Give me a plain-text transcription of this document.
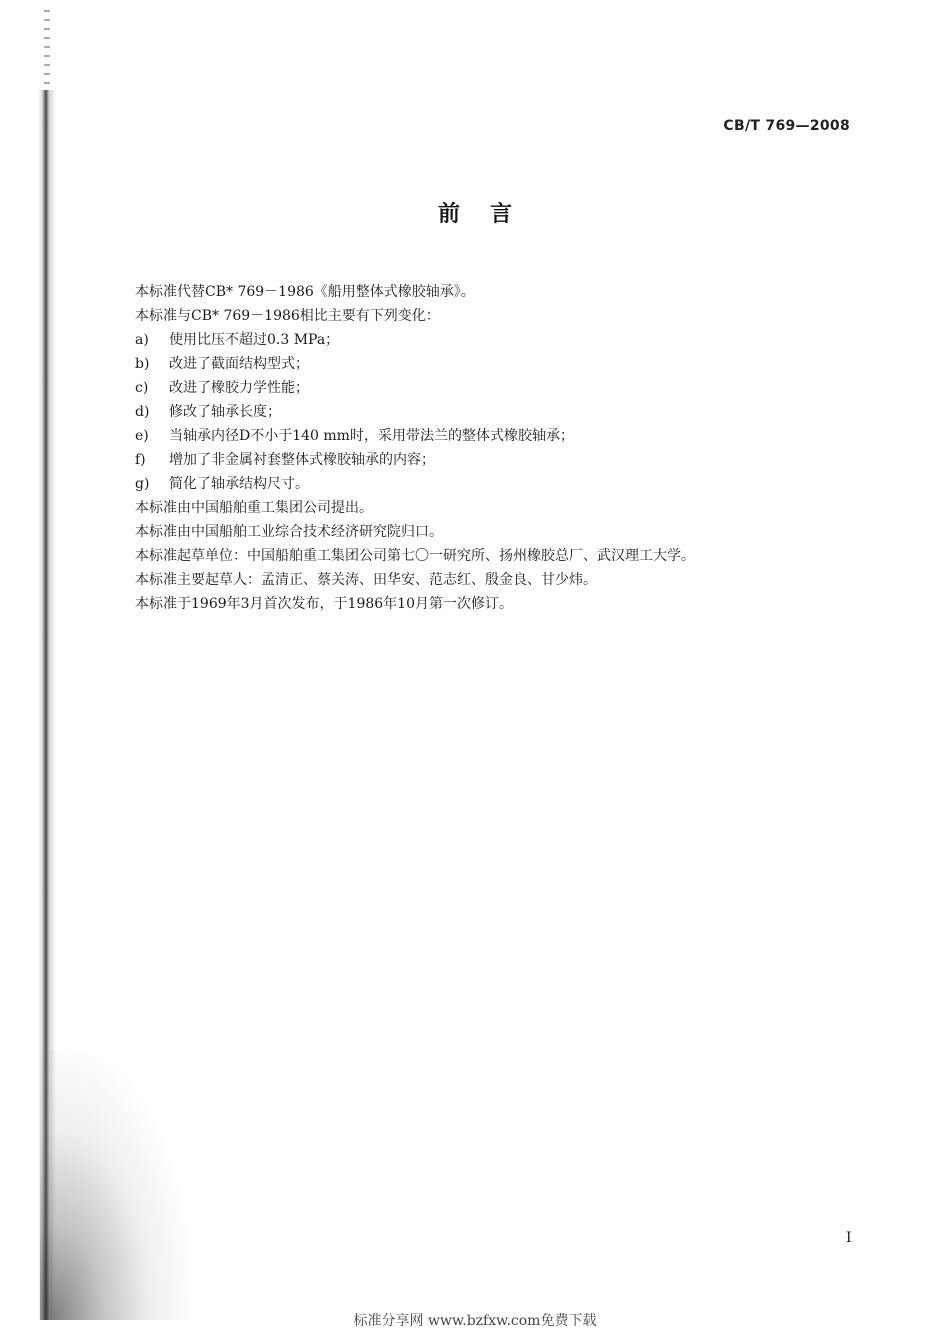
CB/T 769—2008
前言

本标准代替CB* 769－1986《船用整体式橡胶轴承》。

本标准与CB* 769－1986相比主要有下列变化：

a)	使用比压不超过0.3 MPa；
b)	改进了截面结构型式；
c)	改进了橡胶力学性能；
d)	修改了轴承长度；
e)	当轴承内径D不小于140 mm时，采用带法兰的整体式橡胶轴承；
f)	增加了非金属衬套整体式橡胶轴承的内容；
g)	简化了轴承结构尺寸。

本标准由中国船舶重工集团公司提出。

本标准由中国船舶工业综合技术经济研究院归口。

本标准起草单位：中国船舶重工集团公司第七〇一研究所、扬州橡胶总厂、武汉理工大学。

本标准主要起草人：孟清正、蔡关涛、田华安、范志红、殷金良、甘少炜。

本标准于1969年3月首次发布，于1986年10月第一次修订。

I
标准分享网 www.bzfxw.com免费下载
